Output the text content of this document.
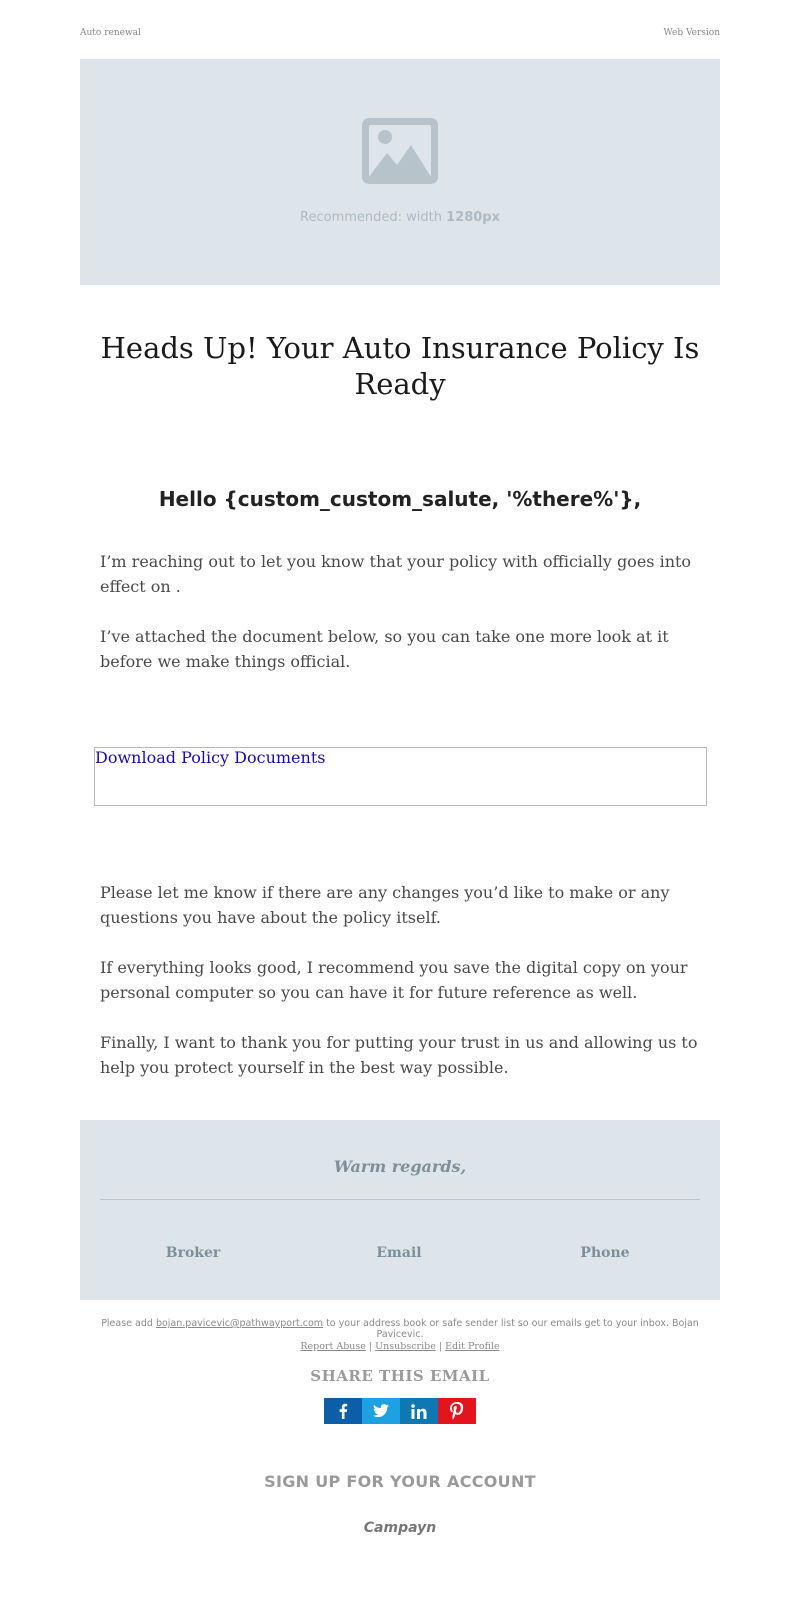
Auto renewal	Web Version
Recommended: width 1280px
Heads Up! Your Auto Insurance Policy Is Ready
Hello {custom_custom_salute, '%there%'},

I’m reaching out to let you know that your policy with officially goes into effect on .

I’ve attached the document below, so you can take one more look at it before we make things official.

Download Policy Documents

Please let me know if there are any changes you’d like to make or any questions you have about the policy itself.

If everything looks good, I recommend you save the digital copy on your personal computer so you can have it for future reference as well.

Finally, I want to thank you for putting your trust in us and allowing us to help you protect yourself in the best way possible.

Warm regards,
Broker	Email	Phone
Please add bojan.pavicevic@pathwayport.com to your address book or safe sender list so our emails get to your inbox. Bojan Pavicevic.
Report Abuse | Unsubscribe | Edit Profile
SHARE THIS EMAIL
SIGN UP FOR YOUR ACCOUNT
Campayn
